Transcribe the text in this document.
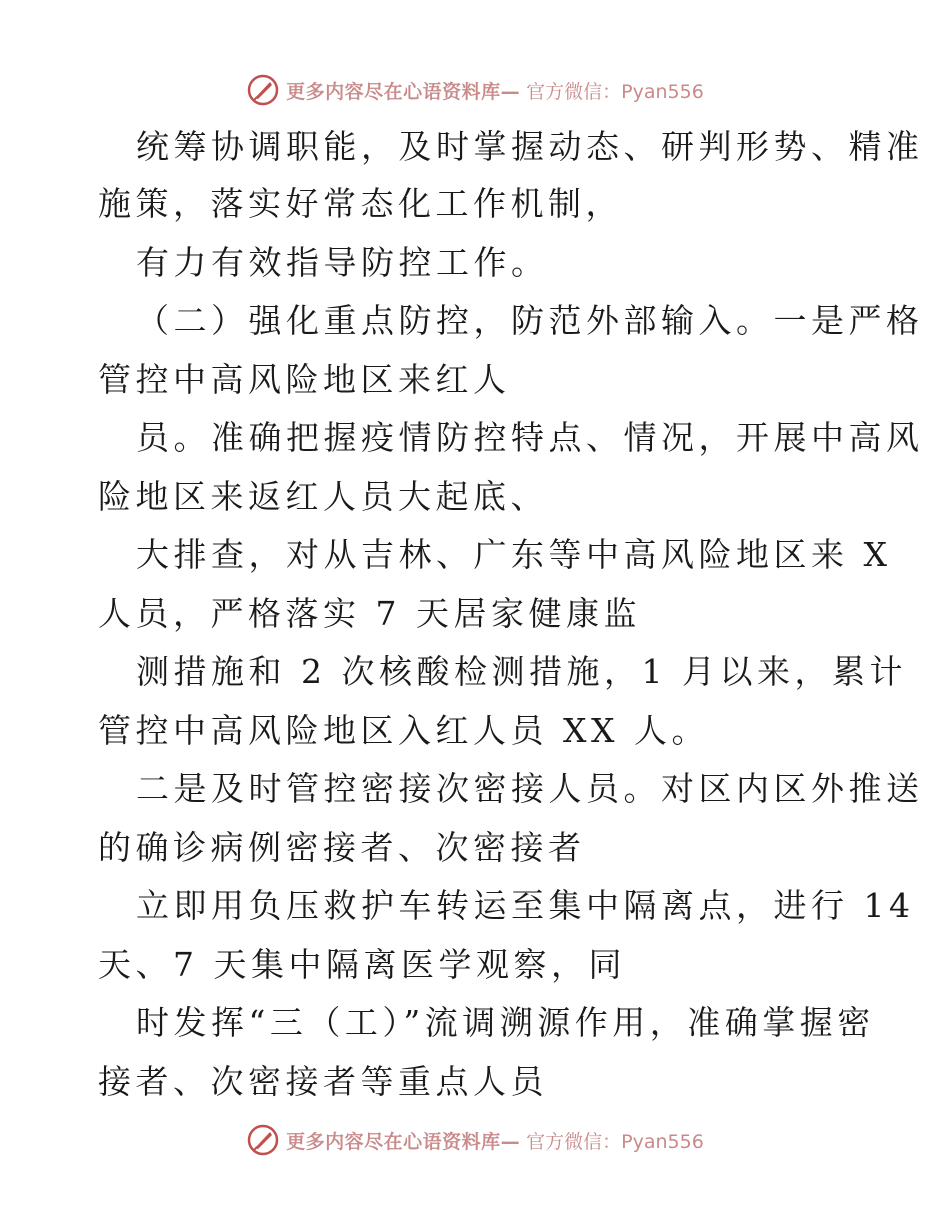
更多内容尽在心语资料库— 官方微信：Pyan556
统筹协调职能，及时掌握动态、研判形势、精准
施策，落实好常态化工作机制，
有力有效指导防控工作。
（二）强化重点防控，防范外部输入。一是严格
管控中高风险地区来红人
员。准确把握疫情防控特点、情况，开展中高风
险地区来返红人员大起底、
大排查，对从吉林、广东等中高风险地区来 X
人员，严格落实 7 天居家健康监
测措施和 2 次核酸检测措施，1 月以来，累计
管控中高风险地区入红人员 XX 人。
二是及时管控密接次密接人员。对区内区外推送
的确诊病例密接者、次密接者
立即用负压救护车转运至集中隔离点，进行 14
天、7 天集中隔离医学观察，同
时发挥“三（工）”流调溯源作用，准确掌握密
接者、次密接者等重点人员
更多内容尽在心语资料库— 官方微信：Pyan556
